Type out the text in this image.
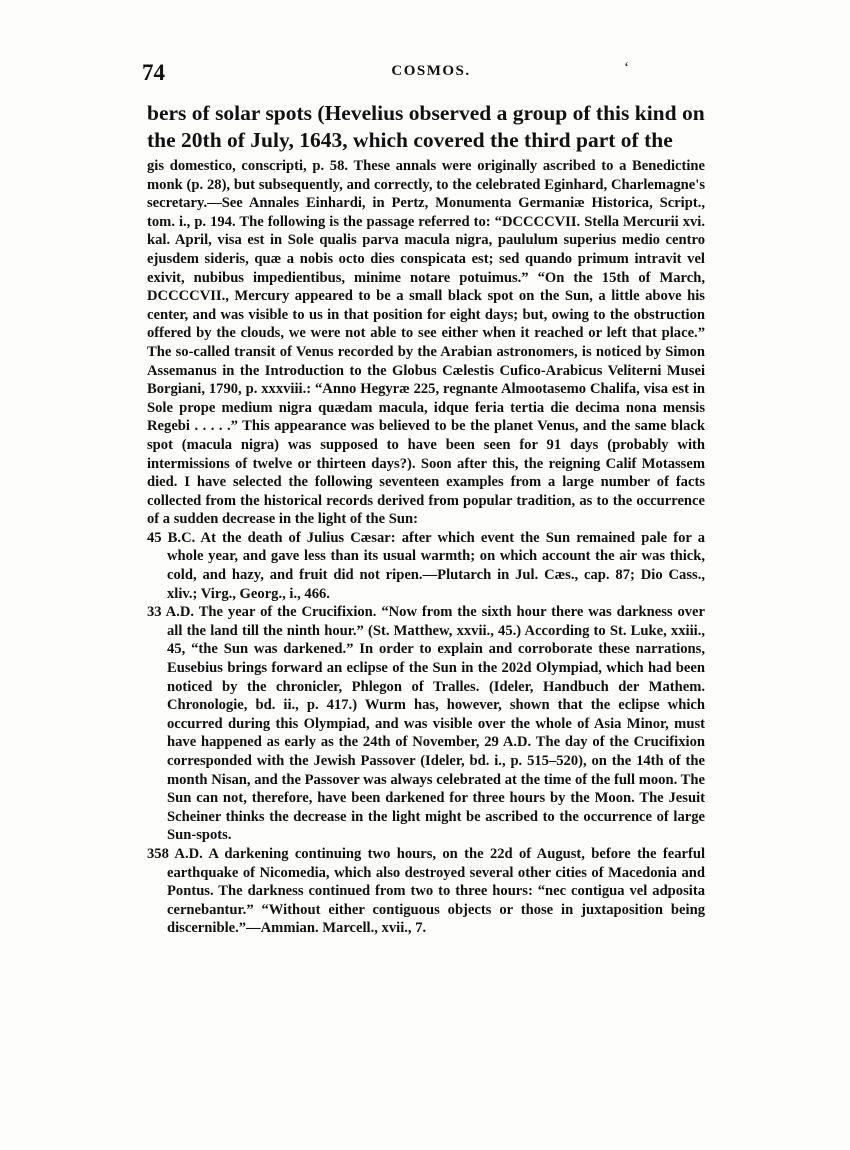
74	COSMOS.	ʻ

bers of solar spots (Hevelius observed a group of this kind on the 20th of July, 1643, which covered the third part of the

gis domestico, conscripti, p. 58. These annals were originally ascribed to a Benedictine monk (p. 28), but subsequently, and correctly, to the celebrated Eginhard, Charlemagne's secretary.—See Annales Einhardi, in Pertz, Monumenta Germaniæ Historica, Script., tom. i., p. 194. The following is the passage referred to: “DCCCCVII. Stella Mercurii xvi. kal. April, visa est in Sole qualis parva macula nigra, paululum superius medio centro ejusdem sideris, quæ a nobis octo dies conspicata est; sed quando primum intravit vel exivit, nubibus impedientibus, minime notare potuimus.” “On the 15th of March, DCCCCVII., Mercury appeared to be a small black spot on the Sun, a little above his center, and was visible to us in that position for eight days; but, owing to the obstruction offered by the clouds, we were not able to see either when it reached or left that place.” The so-called transit of Venus recorded by the Arabian astronomers, is noticed by Simon Assemanus in the Introduction to the Globus Cælestis Cufico-Arabicus Veliterni Musei Borgiani, 1790, p. xxxviii.: “Anno Hegyræ 225, regnante Almootasemo Chalifa, visa est in Sole prope medium nigra quædam macula, idque feria tertia die decima nona mensis Regebi . . . . .” This appearance was believed to be the planet Venus, and the same black spot (macula nigra) was supposed to have been seen for 91 days (probably with intermissions of twelve or thirteen days?). Soon after this, the reigning Calif Motassem died. I have selected the following seventeen examples from a large number of facts collected from the historical records derived from popular tradition, as to the occurrence of a sudden decrease in the light of the Sun:

45 B.C. At the death of Julius Cæsar: after which event the Sun remained pale for a whole year, and gave less than its usual warmth; on which account the air was thick, cold, and hazy, and fruit did not ripen.—Plutarch in Jul. Cæs., cap. 87; Dio Cass., xliv.; Virg., Georg., i., 466.
33 A.D. The year of the Crucifixion. “Now from the sixth hour there was darkness over all the land till the ninth hour.” (St. Matthew, xxvii., 45.) According to St. Luke, xxiii., 45, “the Sun was darkened.” In order to explain and corroborate these narrations, Eusebius brings forward an eclipse of the Sun in the 202d Olympiad, which had been noticed by the chronicler, Phlegon of Tralles. (Ideler, Handbuch der Mathem. Chronologie, bd. ii., p. 417.) Wurm has, however, shown that the eclipse which occurred during this Olympiad, and was visible over the whole of Asia Minor, must have happened as early as the 24th of November, 29 A.D. The day of the Crucifixion corresponded with the Jewish Passover (Ideler, bd. i., p. 515–520), on the 14th of the month Nisan, and the Passover was always celebrated at the time of the full moon. The Sun can not, therefore, have been darkened for three hours by the Moon. The Jesuit Scheiner thinks the decrease in the light might be ascribed to the occurrence of large Sun-spots.
358 A.D. A darkening continuing two hours, on the 22d of August, before the fearful earthquake of Nicomedia, which also destroyed several other cities of Macedonia and Pontus. The darkness continued from two to three hours: “nec contigua vel adposita cernebantur.” “Without either contiguous objects or those in juxtaposition being discernible.”—Ammian. Marcell., xvii., 7.
